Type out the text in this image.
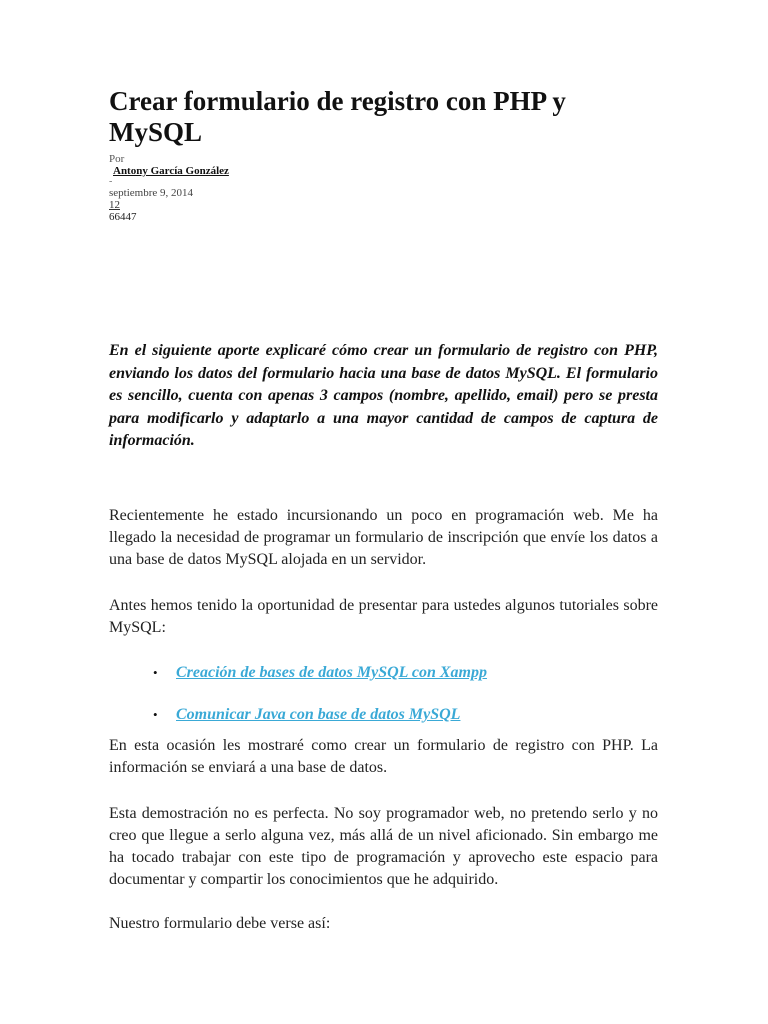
Crear formulario de registro con PHP y MySQL
Por
Antony García González
-
septiembre 9, 2014
12
66447

En el siguiente aporte explicaré cómo crear un formulario de registro con PHP, enviando los datos del formulario hacia una base de datos MySQL. El formulario es sencillo, cuenta con apenas 3 campos (nombre, apellido, email) pero se presta para modificarlo y adaptarlo a una mayor cantidad de campos de captura de información.

Recientemente he estado incursionando un poco en programación web. Me ha llegado la necesidad de programar un formulario de inscripción que envíe los datos a una base de datos MySQL alojada en un servidor.

Antes hemos tenido la oportunidad de presentar para ustedes algunos tutoriales sobre MySQL:

• Creación de bases de datos MySQL con Xampp
• Comunicar Java con base de datos MySQL

En esta ocasión les mostraré como crear un formulario de registro con PHP. La información se enviará a una base de datos.

Esta demostración no es perfecta. No soy programador web, no pretendo serlo y no creo que llegue a serlo alguna vez, más allá de un nivel aficionado. Sin embargo me ha tocado trabajar con este tipo de programación y aprovecho este espacio para documentar y compartir los conocimientos que he adquirido.

Nuestro formulario debe verse así:
